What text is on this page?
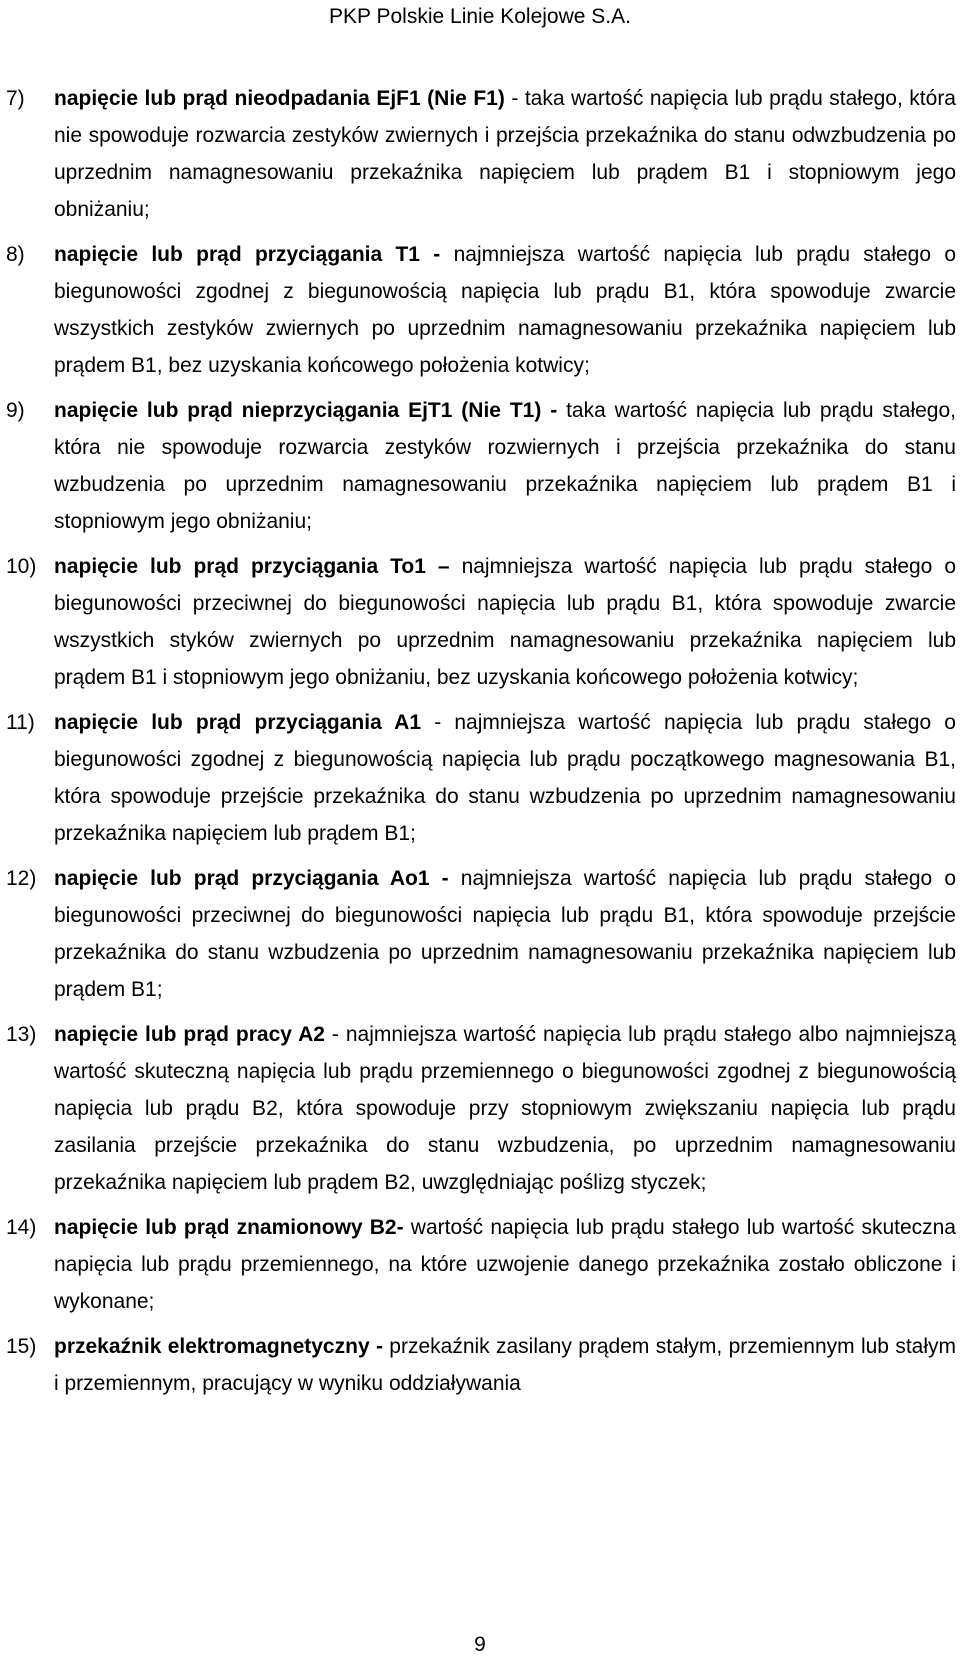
PKP Polskie Linie Kolejowe S.A.
7) napięcie lub prąd nieodpadania EjF1 (Nie F1) - taka wartość napięcia lub prądu stałego, która nie spowoduje rozwarcia zestyków zwiernych i przejścia przekaźnika do stanu odwzbudzenia po uprzednim namagnesowaniu przekaźnika napięciem lub prądem B1 i stopniowym jego obniżaniu;
8) napięcie lub prąd przyciągania T1 - najmniejsza wartość napięcia lub prądu stałego o biegunowości zgodnej z biegunowością napięcia lub prądu B1, która spowoduje zwarcie wszystkich zestyków zwiernych po uprzednim namagnesowaniu przekaźnika napięciem lub prądem B1, bez uzyskania końcowego położenia kotwicy;
9) napięcie lub prąd nieprzyciągania EjT1 (Nie T1) - taka wartość napięcia lub prądu stałego, która nie spowoduje rozwarcia zestyków rozwiernych i przejścia przekaźnika do stanu wzbudzenia po uprzednim namagnesowaniu przekaźnika napięciem lub prądem B1 i stopniowym jego obniżaniu;
10) napięcie lub prąd przyciągania To1 – najmniejsza wartość napięcia lub prądu stałego o biegunowości przeciwnej do biegunowości napięcia lub prądu B1, która spowoduje zwarcie wszystkich styków zwiernych po uprzednim namagnesowaniu przekaźnika napięciem lub prądem B1 i stopniowym jego obniżaniu, bez uzyskania końcowego położenia kotwicy;
11) napięcie lub prąd przyciągania A1 - najmniejsza wartość napięcia lub prądu stałego o biegunowości zgodnej z biegunowością napięcia lub prądu początkowego magnesowania B1, która spowoduje przejście przekaźnika do stanu wzbudzenia po uprzednim namagnesowaniu przekaźnika napięciem lub prądem B1;
12) napięcie lub prąd przyciągania Ao1 - najmniejsza wartość napięcia lub prądu stałego o biegunowości przeciwnej do biegunowości napięcia lub prądu B1, która spowoduje przejście przekaźnika do stanu wzbudzenia po uprzednim namagnesowaniu przekaźnika napięciem lub prądem B1;
13) napięcie lub prąd pracy A2 - najmniejsza wartość napięcia lub prądu stałego albo najmniejszą wartość skuteczną napięcia lub prądu przemiennego o biegunowości zgodnej z biegunowością napięcia lub prądu B2, która spowoduje przy stopniowym zwiększaniu napięcia lub prądu zasilania przejście przekaźnika do stanu wzbudzenia, po uprzednim namagnesowaniu przekaźnika napięciem lub prądem B2, uwzględniając poślizg styczek;
14) napięcie lub prąd znamionowy B2- wartość napięcia lub prądu stałego lub wartość skuteczna napięcia lub prądu przemiennego, na które uzwojenie danego przekaźnika zostało obliczone i wykonane;
15) przekaźnik elektromagnetyczny - przekaźnik zasilany prądem stałym, przemiennym lub stałym i przemiennym, pracujący w wyniku oddziaływania
9
